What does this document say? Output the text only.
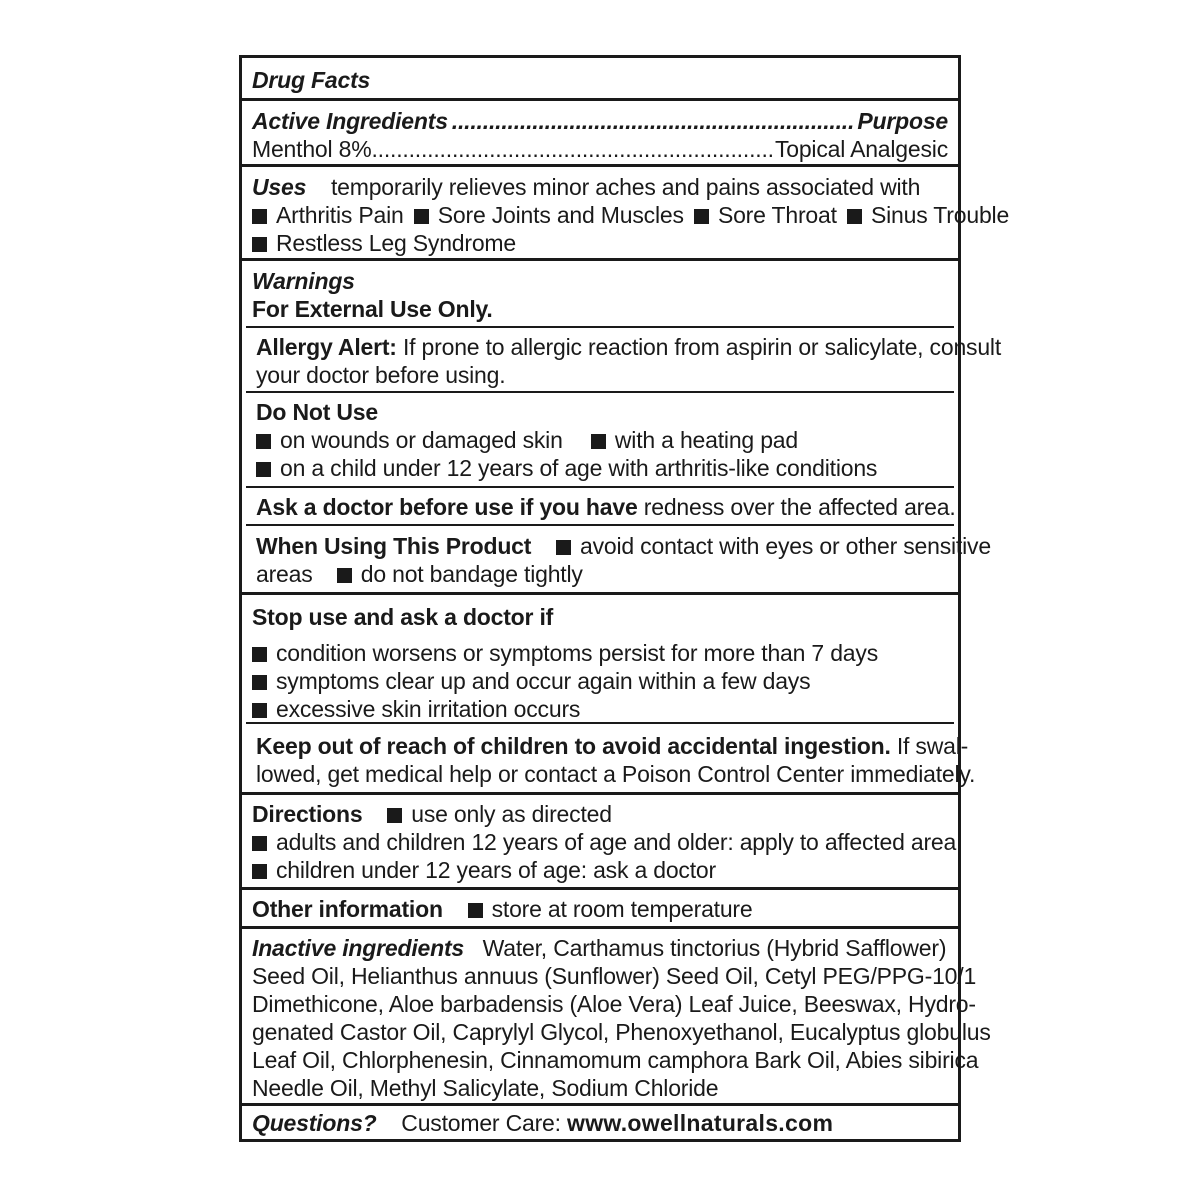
Drug Facts
Active Ingredients .....	Purpose
Menthol 8% .....	Topical Analgesic
Uses temporarily relieves minor aches and pains associated with
Arthritis Pain Sore Joints and Muscles Sore Throat Sinus Trouble
Restless Leg Syndrome
Warnings
For External Use Only.
Allergy Alert: If prone to allergic reaction from aspirin or salicylate, consult
your doctor before using.
Do Not Use
on wounds or damaged skin with a heating pad
on a child under 12 years of age with arthritis-like conditions
Ask a doctor before use if you have redness over the affected area.
When Using This Product avoid contact with eyes or other sensitive
areas do not bandage tightly
Stop use and ask a doctor if
condition worsens or symptoms persist for more than 7 days
symptoms clear up and occur again within a few days
excessive skin irritation occurs
Keep out of reach of children to avoid accidental ingestion. If swal-
lowed, get medical help or contact a Poison Control Center immediately.
Directions use only as directed
adults and children 12 years of age and older: apply to affected area
children under 12 years of age: ask a doctor
Other information store at room temperature
Inactive ingredients Water, Carthamus tinctorius (Hybrid Safflower)
Seed Oil, Helianthus annuus (Sunflower) Seed Oil, Cetyl PEG/PPG-10/1
Dimethicone, Aloe barbadensis (Aloe Vera) Leaf Juice, Beeswax, Hydro-
genated Castor Oil, Caprylyl Glycol, Phenoxyethanol, Eucalyptus globulus
Leaf Oil, Chlorphenesin, Cinnamomum camphora Bark Oil, Abies sibirica
Needle Oil, Methyl Salicylate, Sodium Chloride
Questions? Customer Care: www.owellnaturals.com
